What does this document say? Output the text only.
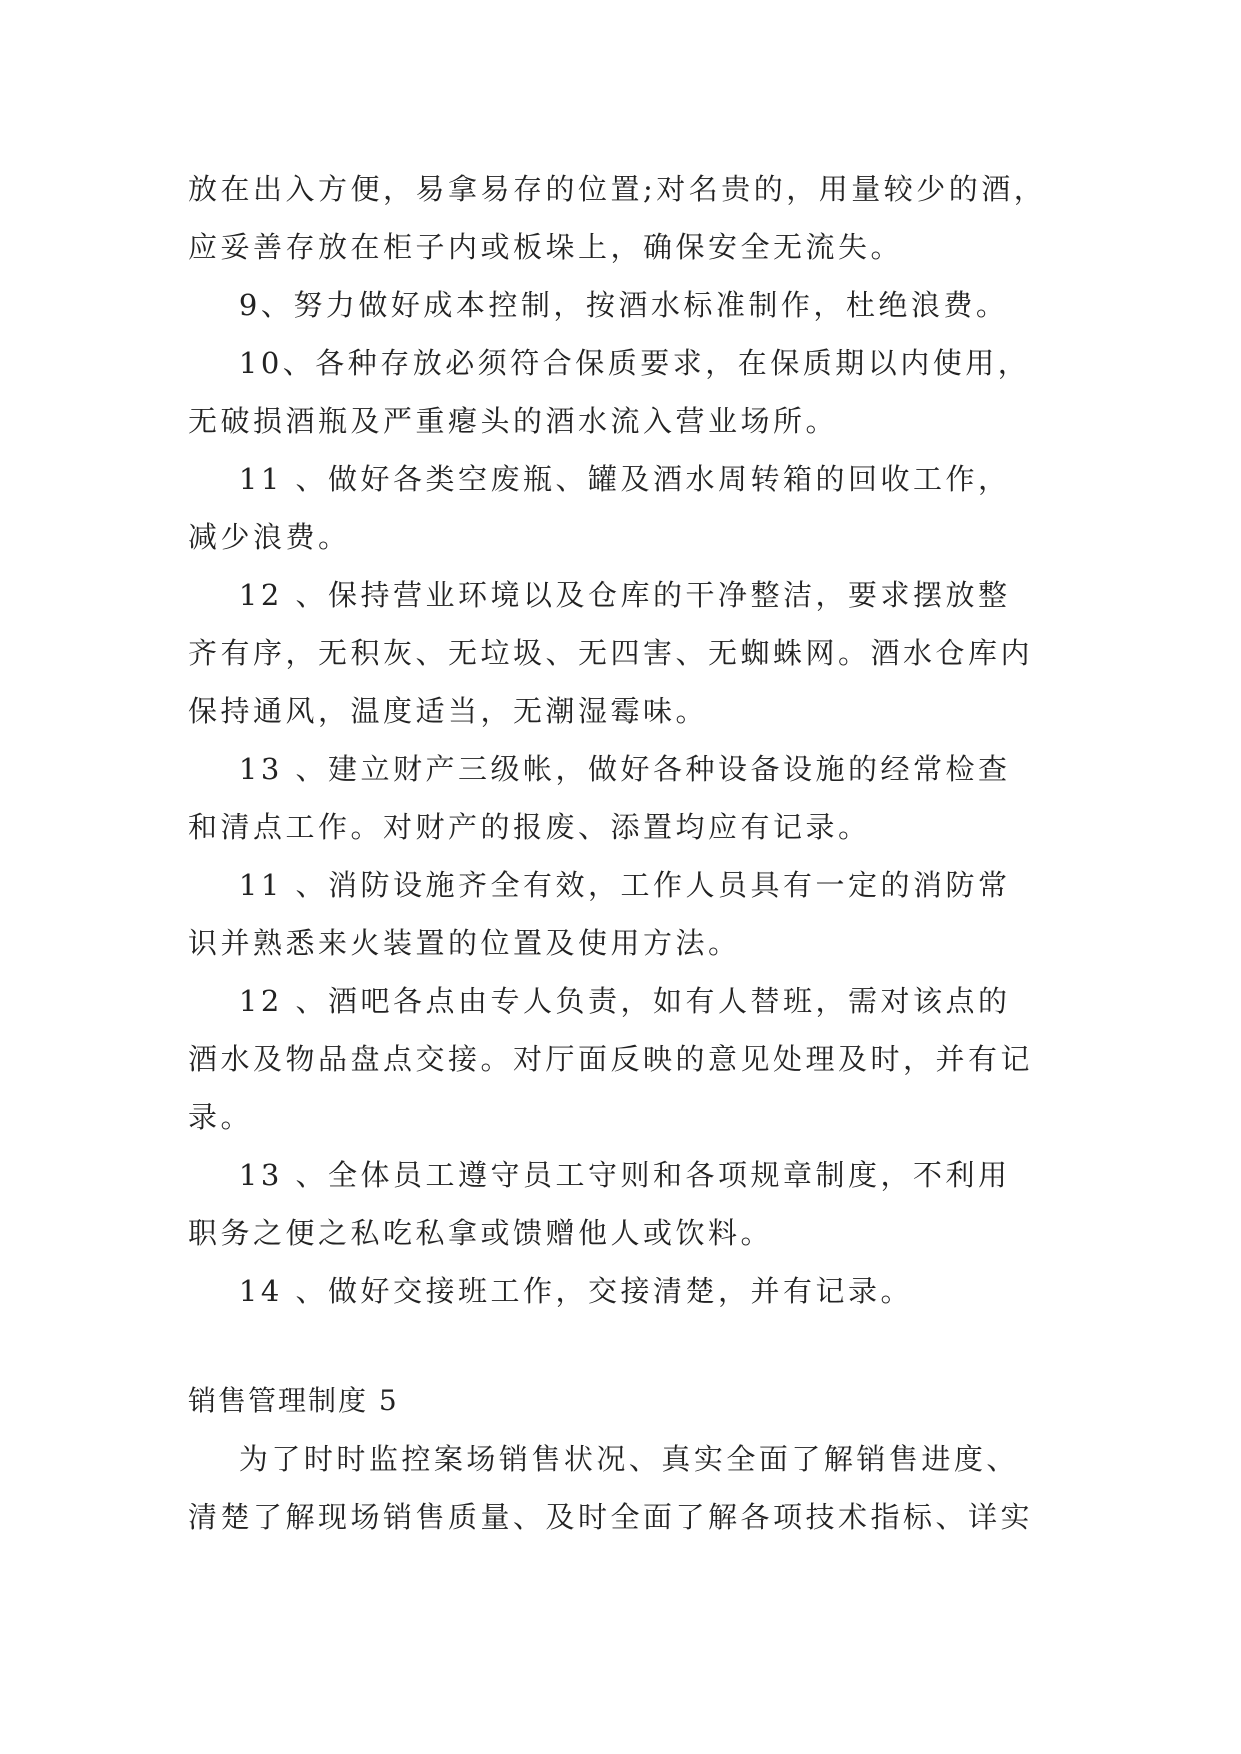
放在出入方便，易拿易存的位置;对名贵的，用量较少的酒，
应妥善存放在柜子内或板垛上，确保安全无流失。

9、努力做好成本控制，按酒水标准制作，杜绝浪费。

10、各种存放必须符合保质要求，在保质期以内使用，
无破损酒瓶及严重瘪头的酒水流入营业场所。

11 、做好各类空废瓶、罐及酒水周转箱的回收工作，
减少浪费。

12 、保持营业环境以及仓库的干净整洁，要求摆放整
齐有序，无积灰、无垃圾、无四害、无蜘蛛网。酒水仓库内
保持通风，温度适当，无潮湿霉味。

13 、建立财产三级帐，做好各种设备设施的经常检查
和清点工作。对财产的报废、添置均应有记录。

11 、消防设施齐全有效，工作人员具有一定的消防常
识并熟悉来火装置的位置及使用方法。

12 、酒吧各点由专人负责，如有人替班，需对该点的
酒水及物品盘点交接。对厅面反映的意见处理及时，并有记
录。

13 、全体员工遵守员工守则和各项规章制度，不利用
职务之便之私吃私拿或馈赠他人或饮料。

14 、做好交接班工作，交接清楚，并有记录。

销售管理制度 5

为了时时监控案场销售状况、真实全面了解销售进度、
清楚了解现场销售质量、及时全面了解各项技术指标、详实
